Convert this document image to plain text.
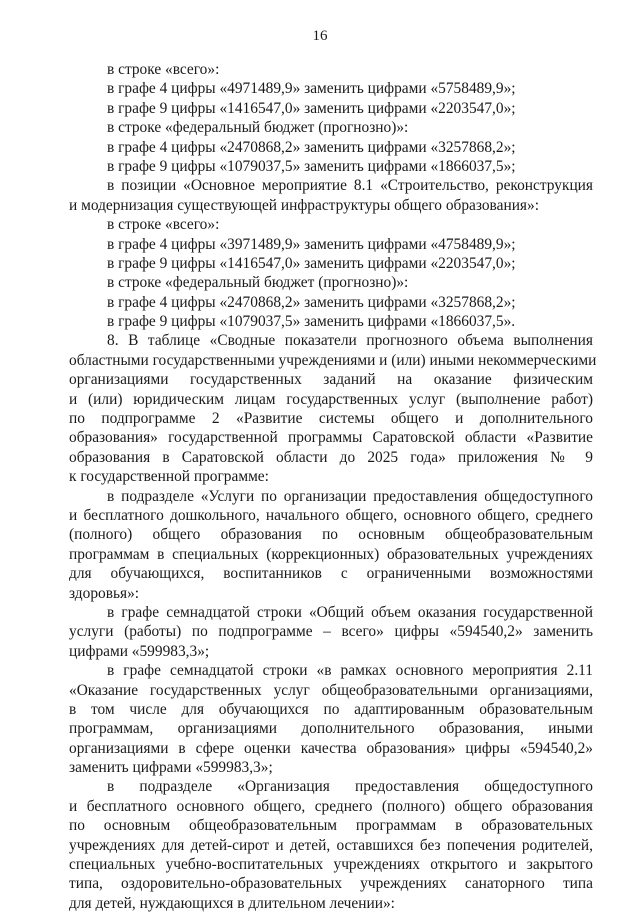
16
в строке «всего»:
в графе 4 цифры «4971489,9» заменить цифрами «5758489,9»;
в графе 9 цифры «1416547,0» заменить цифрами «2203547,0»;
в строке «федеральный бюджет (прогнозно)»:
в графе 4 цифры «2470868,2» заменить цифрами «3257868,2»;
в графе 9 цифры «1079037,5» заменить цифрами «1866037,5»;
в позиции «Основное мероприятие 8.1 «Строительство, реконструкция
и модернизация существующей инфраструктуры общего образования»:
в строке «всего»:
в графе 4 цифры «3971489,9» заменить цифрами «4758489,9»;
в графе 9 цифры «1416547,0» заменить цифрами «2203547,0»;
в строке «федеральный бюджет (прогнозно)»:
в графе 4 цифры «2470868,2» заменить цифрами «3257868,2»;
в графе 9 цифры «1079037,5» заменить цифрами «1866037,5».
8. В таблице «Сводные показатели прогнозного объема выполнения
областными государственными учреждениями и (или) иными некоммерческими
организациями государственных заданий на оказание физическим
и (или) юридическим лицам государственных услуг (выполнение работ)
по подпрограмме 2 «Развитие системы общего и дополнительного
образования» государственной программы Саратовской области «Развитие
образования в Саратовской области до 2025 года» приложения № 9
к государственной программе:
в подразделе «Услуги по организации предоставления общедоступного
и бесплатного дошкольного, начального общего, основного общего, среднего
(полного) общего образования по основным общеобразовательным
программам в специальных (коррекционных) образовательных учреждениях
для обучающихся, воспитанников с ограниченными возможностями
здоровья»:
в графе семнадцатой строки «Общий объем оказания государственной
услуги (работы) по подпрограмме – всего» цифры «594540,2» заменить
цифрами «599983,3»;
в графе семнадцатой строки «в рамках основного мероприятия 2.11
«Оказание государственных услуг общеобразовательными организациями,
в том числе для обучающихся по адаптированным образовательным
программам, организациями дополнительного образования, иными
организациями в сфере оценки качества образования» цифры «594540,2»
заменить цифрами «599983,3»;
в подразделе «Организация предоставления общедоступного
и бесплатного основного общего, среднего (полного) общего образования
по основным общеобразовательным программам в образовательных
учреждениях для детей-сирот и детей, оставшихся без попечения родителей,
специальных учебно-воспитательных учреждениях открытого и закрытого
типа, оздоровительно-образовательных учреждениях санаторного типа
для детей, нуждающихся в длительном лечении»:
